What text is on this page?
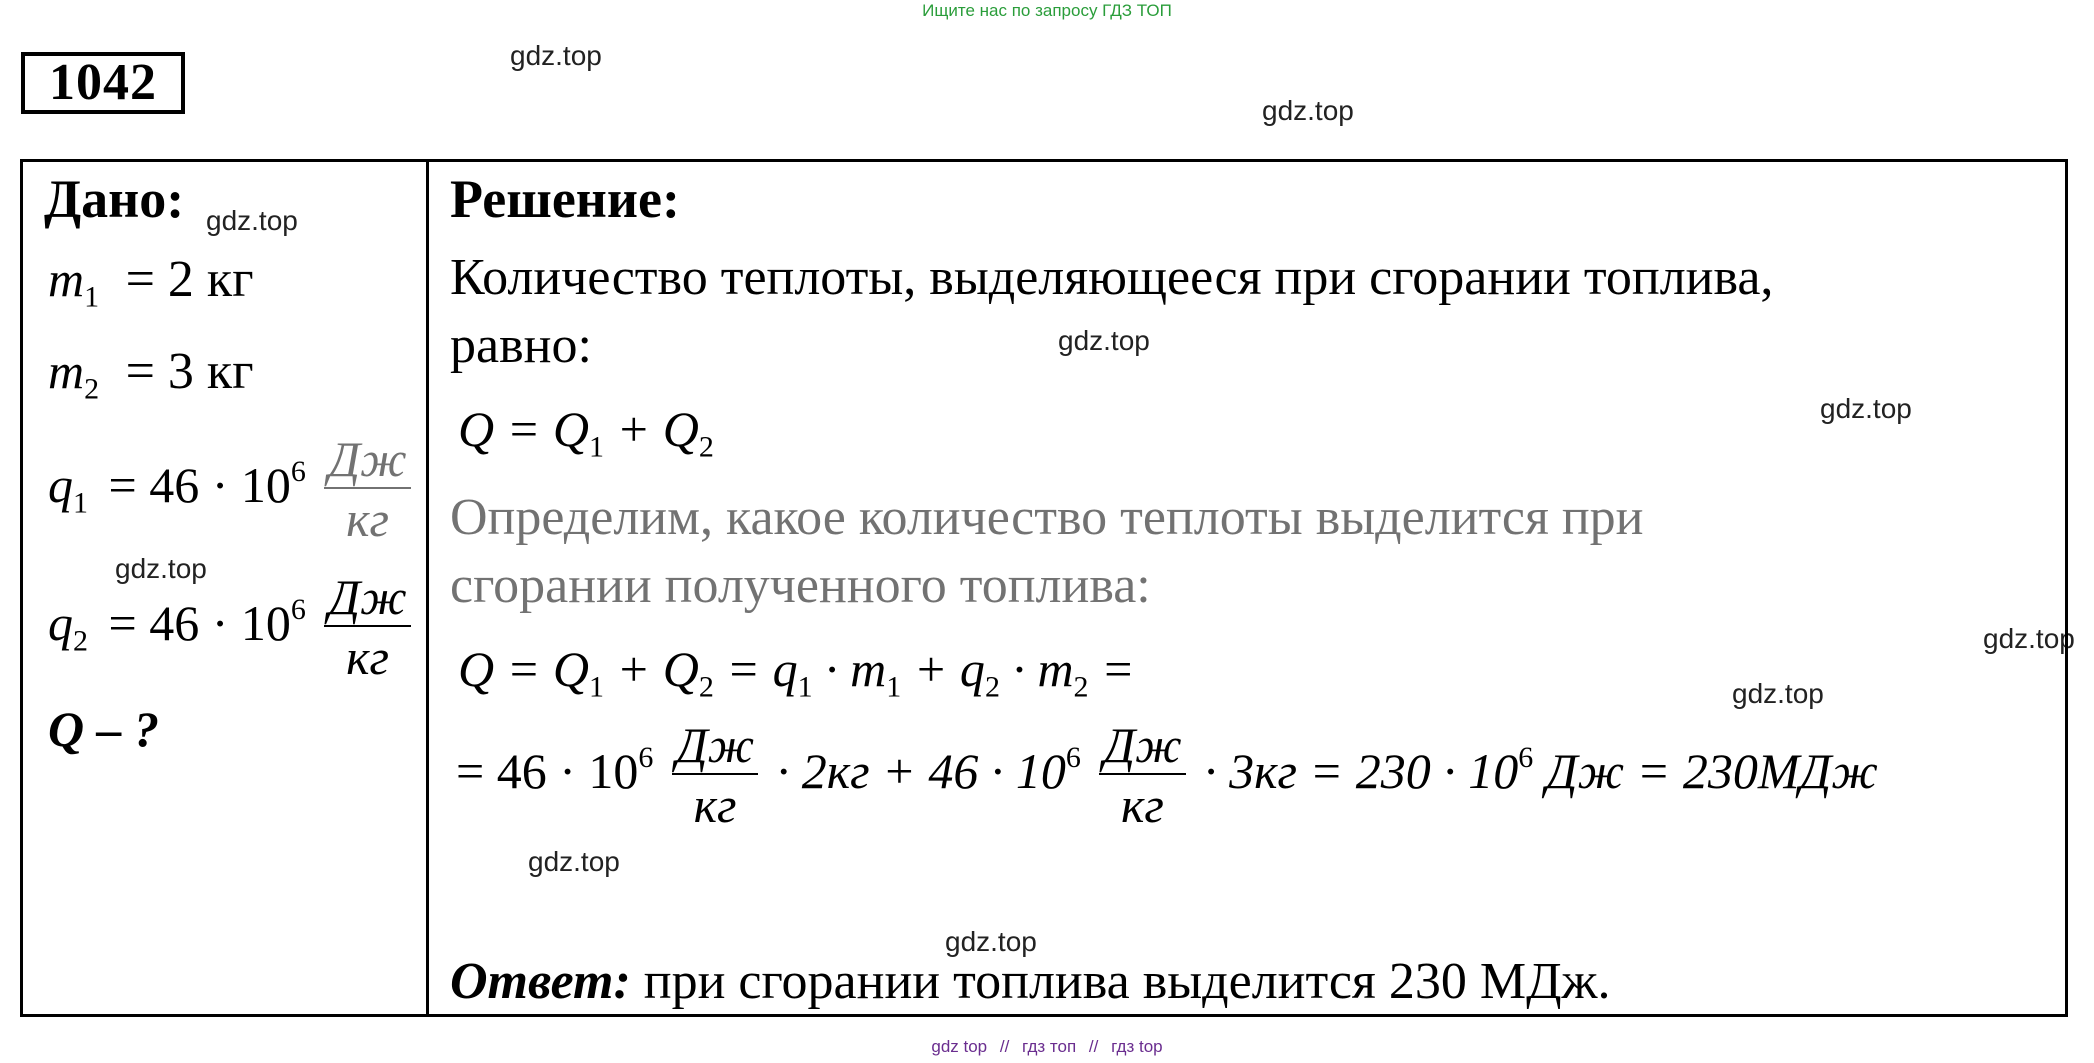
Ищите нас по запросу ГДЗ ТОП
1042	gdz.top
gdz.top
gdz.top
gdz.top
gdz.top
gdz.top
gdz.top
gdz.top
gdz.top
gdz.top
Дано:
$m_1 = 2$ кг
$m_2 = 3$ кг
$q_1 = 46 \cdot 10^6 \frac{Дж}{кг}$
$q_2 = 46 \cdot 10^6 \frac{Дж}{кг}$
Q – ?
Решение:
Количество теплоты, выделяющееся при сгорании топлива,
равно:
$Q = Q_1 + Q_2$
Определим, какое количество теплоты выделится при
сгорании полученного топлива:
$Q = Q_1 + Q_2 = q_1 \cdot m_1 + q_2 \cdot m_2$ =
= $46 \cdot 10^6 \frac{Дж}{кг} \cdot 2кг + 46 \cdot 10^6 \frac{Дж}{кг} \cdot 3кг = 230 \cdot 10^6$ Дж = 230МДж
Ответ: при сгорании топлива выделится 230 МДж.
gdz top // гдз топ // гдз top
